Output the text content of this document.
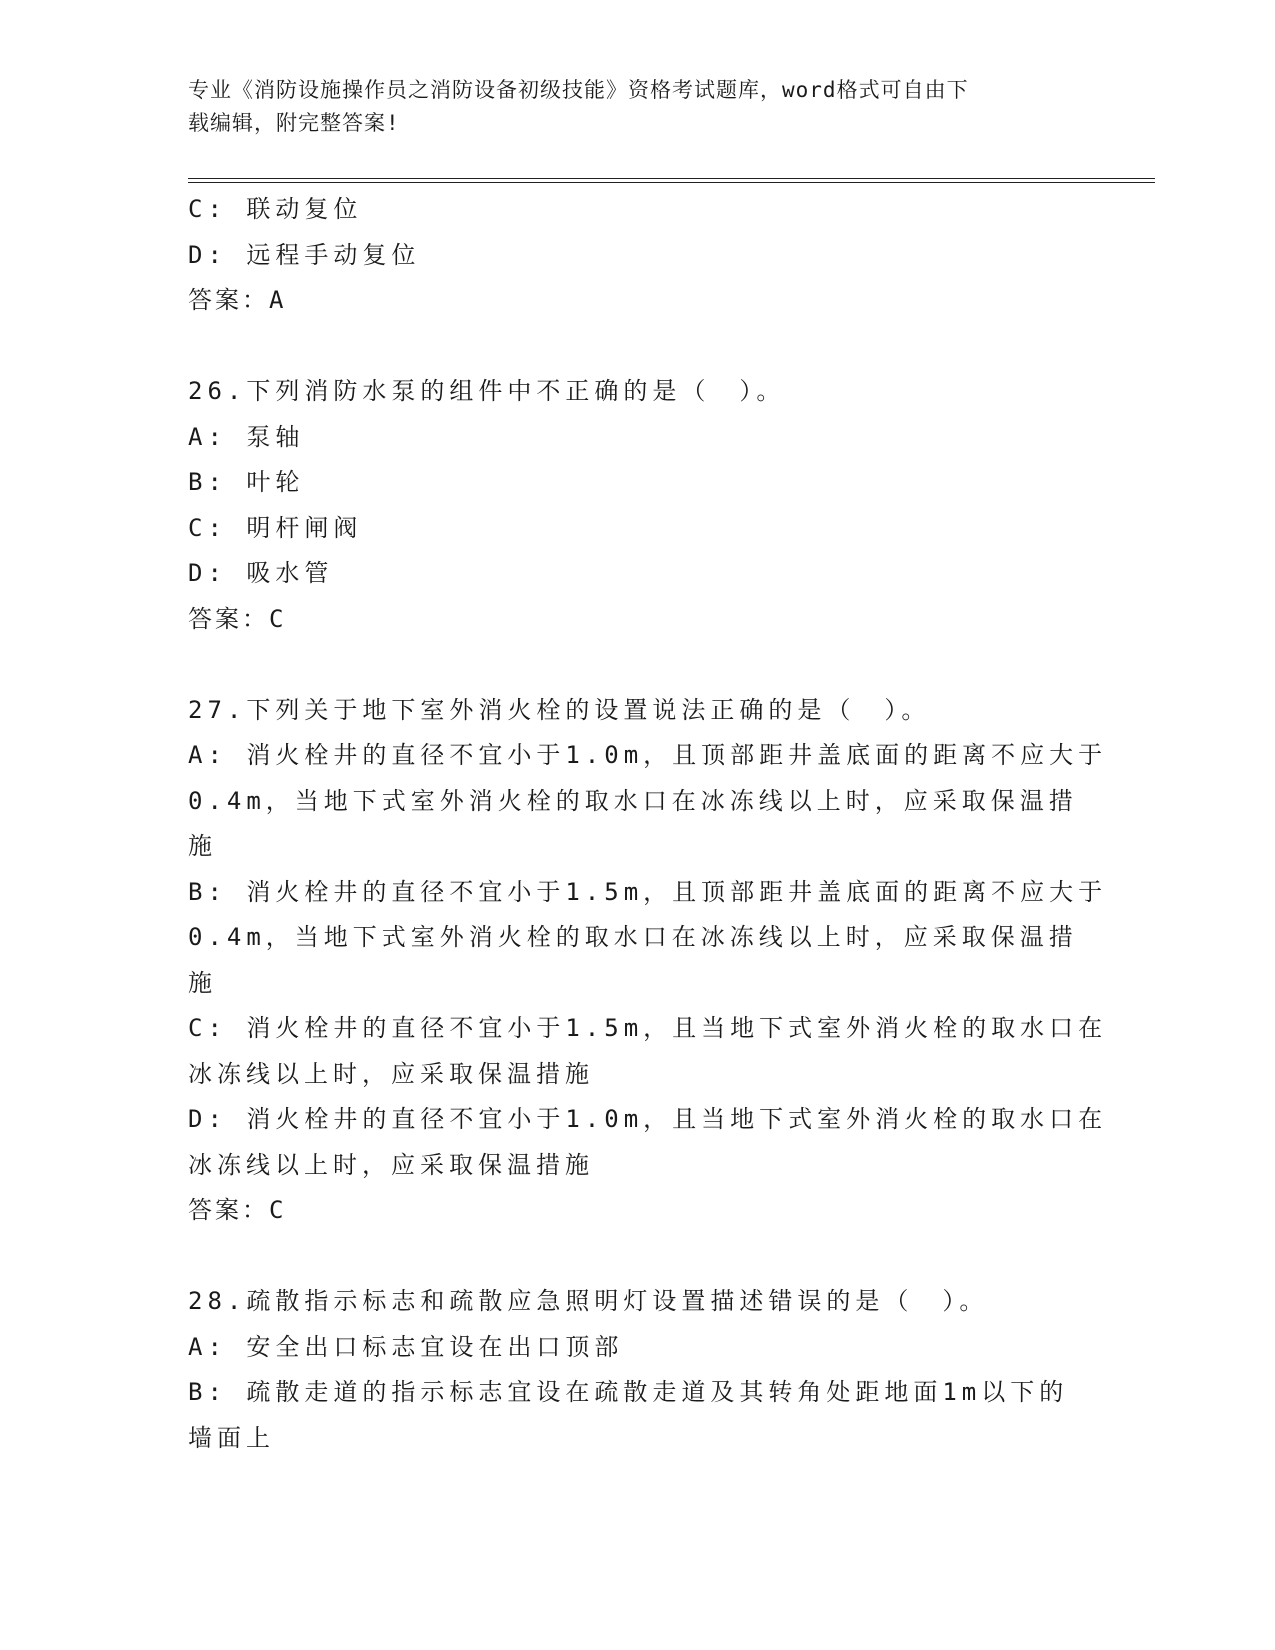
专业《消防设施操作员之消防设备初级技能》资格考试题库，word格式可自由下
载编辑，附完整答案!
C: 联动复位
D: 远程手动复位
答案：A
26.下列消防水泵的组件中不正确的是（　）。
A: 泵轴
B: 叶轮
C: 明杆闸阀
D: 吸水管
答案：C
27.下列关于地下室外消火栓的设置说法正确的是（　）。
A: 消火栓井的直径不宜小于1.0m，且顶部距井盖底面的距离不应大于
0.4m，当地下式室外消火栓的取水口在冰冻线以上时，应采取保温措
施
B: 消火栓井的直径不宜小于1.5m，且顶部距井盖底面的距离不应大于
0.4m，当地下式室外消火栓的取水口在冰冻线以上时，应采取保温措
施
C: 消火栓井的直径不宜小于1.5m，且当地下式室外消火栓的取水口在
冰冻线以上时，应采取保温措施
D: 消火栓井的直径不宜小于1.0m，且当地下式室外消火栓的取水口在
冰冻线以上时，应采取保温措施
答案：C
28.疏散指示标志和疏散应急照明灯设置描述错误的是（　）。
A: 安全出口标志宜设在出口顶部
B: 疏散走道的指示标志宜设在疏散走道及其转角处距地面1m以下的
墙面上
